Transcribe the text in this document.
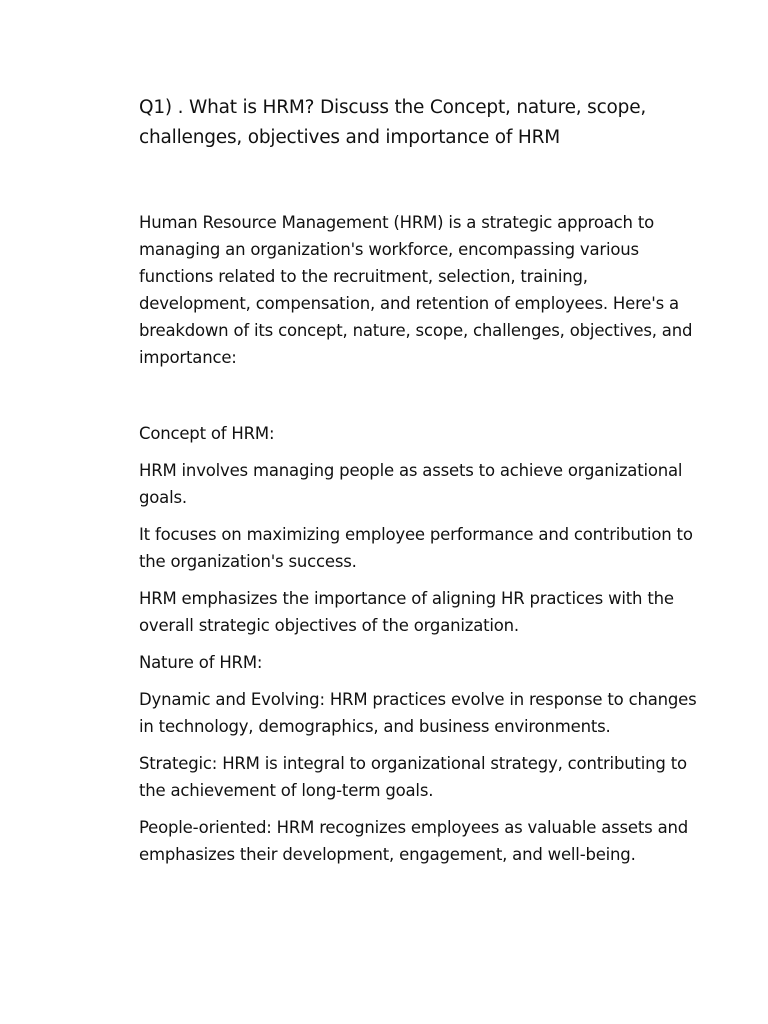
Q1) . What is HRM? Discuss the Concept, nature, scope, challenges, objectives and importance of HRM

Human Resource Management (HRM) is a strategic approach to managing an organization's workforce, encompassing various functions related to the recruitment, selection, training, development, compensation, and retention of employees. Here's a breakdown of its concept, nature, scope, challenges, objectives, and importance:

Concept of HRM:

HRM involves managing people as assets to achieve organizational goals.

It focuses on maximizing employee performance and contribution to the organization's success.

HRM emphasizes the importance of aligning HR practices with the overall strategic objectives of the organization.

Nature of HRM:

Dynamic and Evolving: HRM practices evolve in response to changes in technology, demographics, and business environments.

Strategic: HRM is integral to organizational strategy, contributing to the achievement of long-term goals.

People-oriented: HRM recognizes employees as valuable assets and emphasizes their development, engagement, and well-being.
